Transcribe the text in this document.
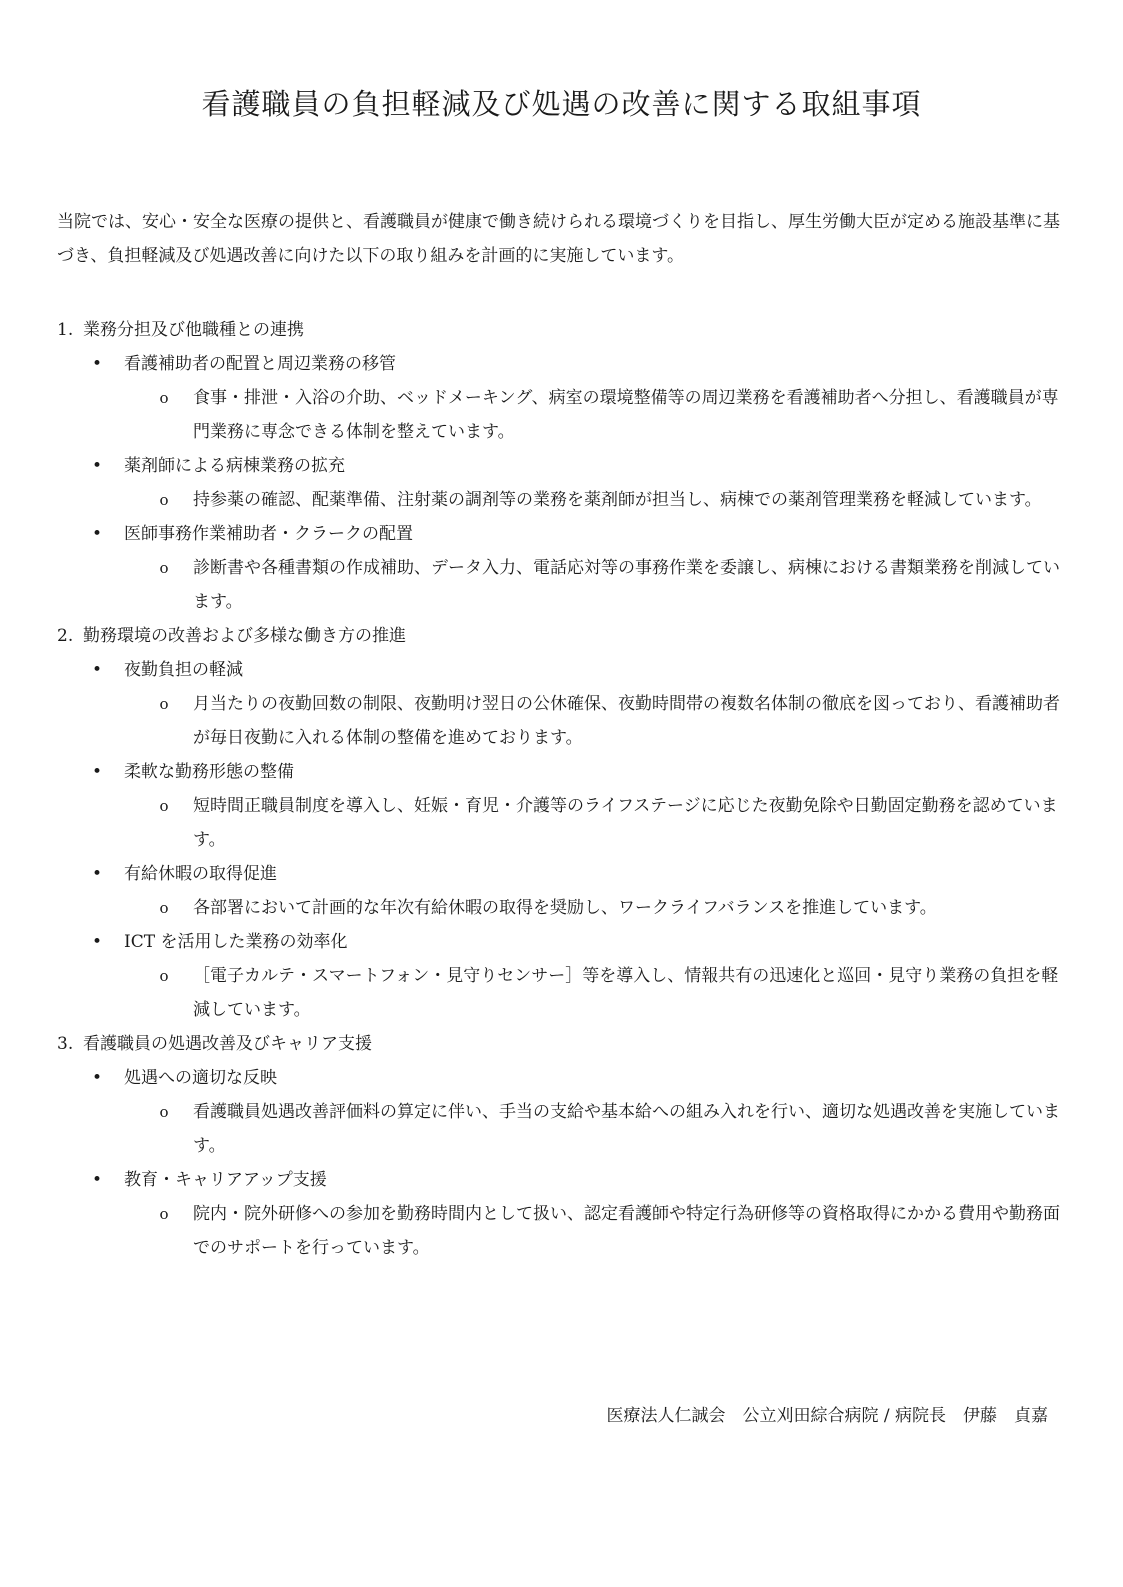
看護職員の負担軽減及び処遇の改善に関する取組事項

当院では、安心・安全な医療の提供と、看護職員が健康で働き続けられる環境づくりを目指し、厚生労働大臣が定める施設基準に基づき、負担軽減及び処遇改善に向けた以下の取り組みを計画的に実施しています。

1. 業務分担及び他職種との連携
• 看護補助者の配置と周辺業務の移管
o 食事・排泄・入浴の介助、ベッドメーキング、病室の環境整備等の周辺業務を看護補助者へ分担し、看護職員が専門業務に専念できる体制を整えています。
• 薬剤師による病棟業務の拡充
o 持参薬の確認、配薬準備、注射薬の調剤等の業務を薬剤師が担当し、病棟での薬剤管理業務を軽減しています。
• 医師事務作業補助者・クラークの配置
o 診断書や各種書類の作成補助、データ入力、電話応対等の事務作業を委譲し、病棟における書類業務を削減しています。
2. 勤務環境の改善および多様な働き方の推進
• 夜勤負担の軽減
o 月当たりの夜勤回数の制限、夜勤明け翌日の公休確保、夜勤時間帯の複数名体制の徹底を図っており、看護補助者が毎日夜勤に入れる体制の整備を進めております。
• 柔軟な勤務形態の整備
o 短時間正職員制度を導入し、妊娠・育児・介護等のライフステージに応じた夜勤免除や日勤固定勤務を認めています。
• 有給休暇の取得促進
o 各部署において計画的な年次有給休暇の取得を奨励し、ワークライフバランスを推進しています。
• ICT を活用した業務の効率化
o ［電子カルテ・スマートフォン・見守りセンサー］等を導入し、情報共有の迅速化と巡回・見守り業務の負担を軽減しています。
3. 看護職員の処遇改善及びキャリア支援
• 処遇への適切な反映
o 看護職員処遇改善評価料の算定に伴い、手当の支給や基本給への組み入れを行い、適切な処遇改善を実施しています。
• 教育・キャリアアップ支援
o 院内・院外研修への参加を勤務時間内として扱い、認定看護師や特定行為研修等の資格取得にかかる費用や勤務面でのサポートを行っています。

医療法人仁誠会　公立刈田綜合病院 / 病院長　伊藤　貞嘉
